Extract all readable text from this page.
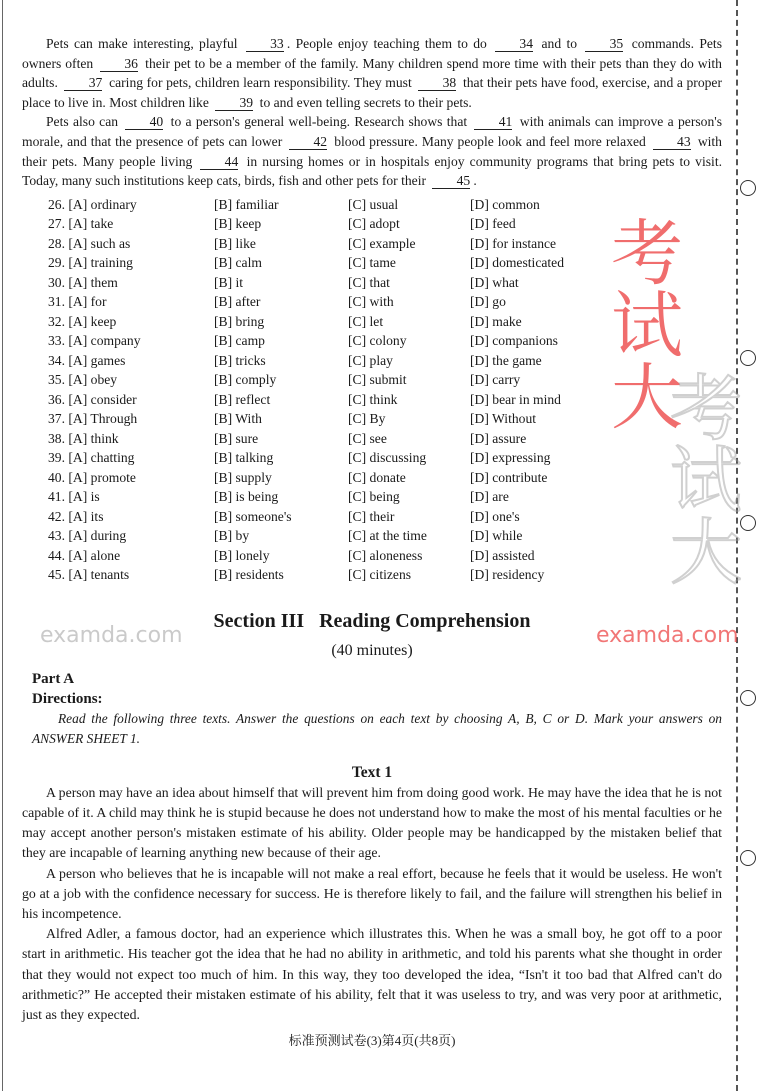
Pets can make interesting, playful 33 . People enjoy teaching them to do 34 and to 35 commands. Pets owners often 36 their pet to be a member of the family. Many children spend more time with their pets than they do with adults. 37 caring for pets, children learn responsibility. They must 38 that their pets have food, exercise, and a proper place to live in. Most children like 39 to and even telling secrets to their pets.

Pets also can 40 to a person's general well-being. Research shows that 41 with animals can improve a person's morale, and that the presence of pets can lower 42 blood pressure. Many people look and feel more relaxed 43 with their pets. Many people living 44 in nursing homes or in hospitals enjoy community programs that bring pets to visit. Today, many such institutions keep cats, birds, fish and other pets for their 45 .

26. [A] ordinary	[B] familiar	[C] usual	[D] common
27. [A] take	[B] keep	[C] adopt	[D] feed
28. [A] such as	[B] like	[C] example	[D] for instance
29. [A] training	[B] calm	[C] tame	[D] domesticated
30. [A] them	[B] it	[C] that	[D] what
31. [A] for	[B] after	[C] with	[D] go
32. [A] keep	[B] bring	[C] let	[D] make
33. [A] company	[B] camp	[C] colony	[D] companions
34. [A] games	[B] tricks	[C] play	[D] the game
35. [A] obey	[B] comply	[C] submit	[D] carry
36. [A] consider	[B] reflect	[C] think	[D] bear in mind
37. [A] Through	[B] With	[C] By	[D] Without
38. [A] think	[B] sure	[C] see	[D] assure
39. [A] chatting	[B] talking	[C] discussing	[D] expressing
40. [A] promote	[B] supply	[C] donate	[D] contribute
41. [A] is	[B] is being	[C] being	[D] are
42. [A] its	[B] someone's	[C] their	[D] one's
43. [A] during	[B] by	[C] at the time	[D] while
44. [A] alone	[B] lonely	[C] aloneness	[D] assisted
45. [A] tenants	[B] residents	[C] citizens	[D] residency
Section III   Reading Comprehension
(40 minutes)
Part A
Directions:
Read the following three texts. Answer the questions on each text by choosing A, B, C or D. Mark your answers on ANSWER SHEET 1.
Text 1

A person may have an idea about himself that will prevent him from doing good work. He may have the idea that he is not capable of it. A child may think he is stupid because he does not understand how to make the most of his mental faculties or he may accept another person's mistaken estimate of his ability. Older people may be handicapped by the mistaken belief that they are incapable of learning anything new because of their age.

A person who believes that he is incapable will not make a real effort, because he feels that it would be useless. He won't go at a job with the confidence necessary for success. He is therefore likely to fail, and the failure will strengthen his belief in his incompetence.

Alfred Adler, a famous doctor, had an experience which illustrates this. When he was a small boy, he got off to a poor start in arithmetic. His teacher got the idea that he had no ability in arithmetic, and told his parents what she thought in order that they would not expect too much of him. In this way, they too developed the idea, “Isn't it too bad that Alfred can't do arithmetic?” He accepted their mistaken estimate of his ability, felt that it was useless to try, and was very poor at arithmetic, just as they expected.

标准预测试卷(3)第4页(共8页)
考试大
考试大
examda.com	examda.com
